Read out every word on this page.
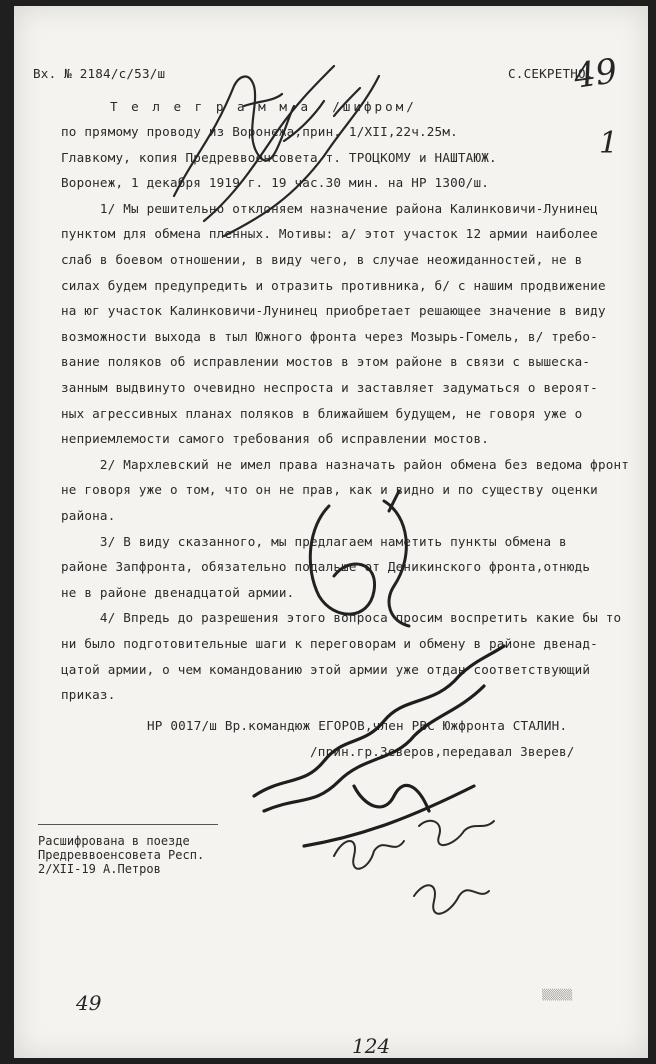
Вх. № 2184/с/53/ш	С.СЕКРЕТНО.
Т е л е г р а м м а  /шифром/
по прямому проводу из Воронежа,прин. 1/XII,22ч.25м.
Главкому, копия Предреввоенсовета т. ТРОЦКОМУ и НАШТАЮЖ.
Воронеж, 1 декабря 1919 г. 19 час.30 мин. на НР 1300/ш.
1/ Мы решительно отклоняем назначение района Калинковичи-Лунинец
пунктом для обмена пленных. Мотивы: а/ этот участок 12 армии наиболее
слаб в боевом отношении, в виду чего, в случае неожиданностей, не в
силах будем предупредить и отразить противника, б/ с нашим продвижение
на юг участок Калинковичи-Лунинец приобретает решающее значение в виду
возможности выхода в тыл Южного фронта через Мозырь-Гомель, в/ требо-
вание поляков об исправлении мостов в этом районе в связи с вышеска-
занным выдвинуто очевидно неспроста и заставляет задуматься о вероят-
ных агрессивных планах поляков в ближайшем будущем, не говоря уже о
неприемлемости самого требования об исправлении мостов.
2/ Мархлевский не имел права назначать район обмена без ведома фронт
не говоря уже о том, что он не прав, как и видно и по существу оценки
района.
3/ В виду сказанного, мы предлагаем наметить пункты обмена в
районе Запфронта, обязательно подальше от Деникинского фронта,отнюдь
не в районе двенадцатой армии.
4/ Впредь до разрешения этого вопроса просим воспретить какие бы то
ни было подготовительные шаги к переговорам и обмену в районе двенад-
цатой армии, о чем командованию этой армии уже отдан соответствующий
приказ.
НР 0017/ш Вр.командюж ЕГОРОВ,член РВС Южфронта СТАЛИН.
/прин.гр.Зеверов,передавал Зверев/
Расшифрована в поезде
Предреввоенсовета Респ.
2/XII-19 А.Петров
49
1
49
124
▒▒▒▒▒
